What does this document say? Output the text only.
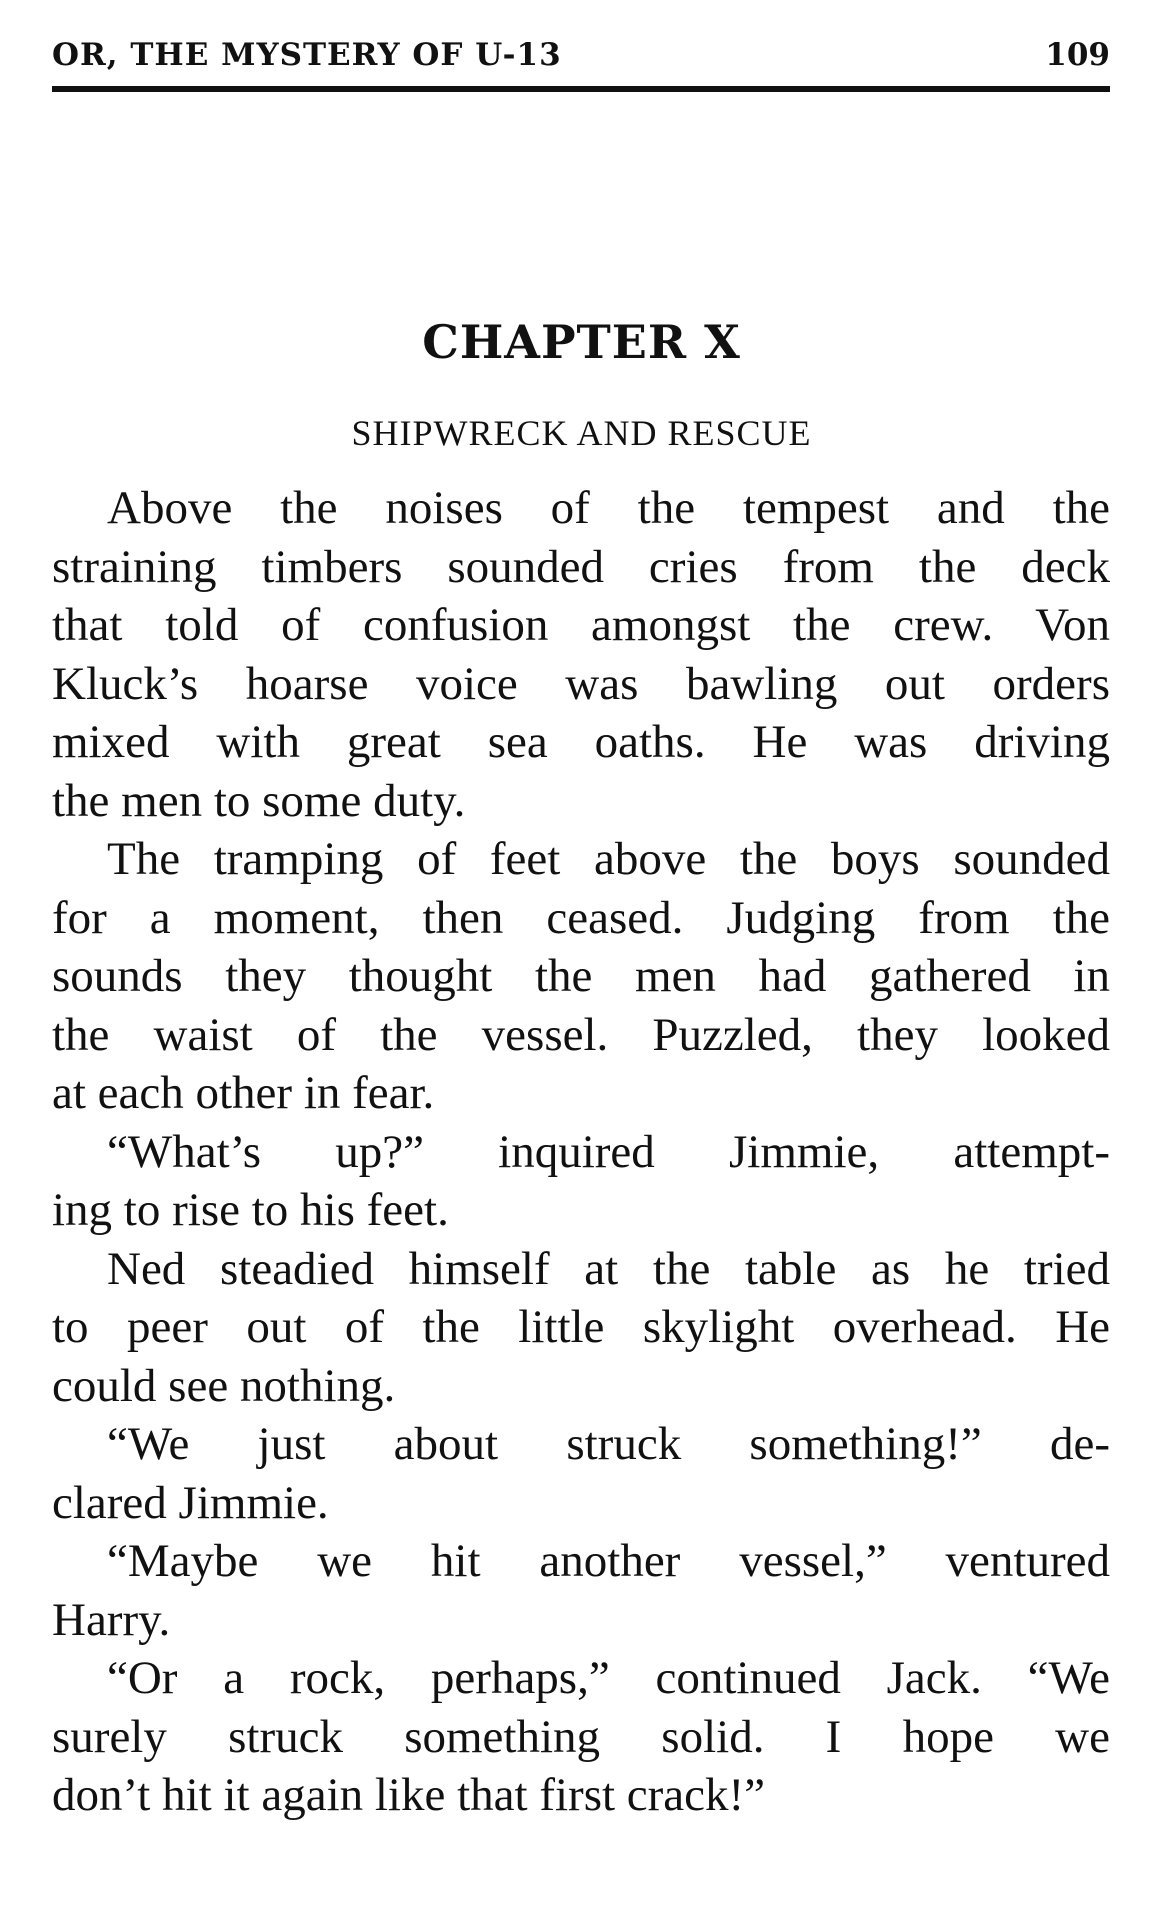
OR, THE MYSTERY OF U-13	109
CHAPTER X
SHIPWRECK AND RESCUE
Above the noises of the tempest and the
straining timbers sounded cries from the deck
that told of confusion amongst the crew. Von
Kluck’s hoarse voice was bawling out orders
mixed with great sea oaths. He was driving
the men to some duty.
The tramping of feet above the boys sounded
for a moment, then ceased. Judging from the
sounds they thought the men had gathered in
the waist of the vessel. Puzzled, they looked
at each other in fear.
“What’s up?” inquired Jimmie, attempt-
ing to rise to his feet.
Ned steadied himself at the table as he tried
to peer out of the little skylight overhead. He
could see nothing.
“We just about struck something!” de-
clared Jimmie.
“Maybe we hit another vessel,” ventured
Harry.
“Or a rock, perhaps,” continued Jack. “We
surely struck something solid. I hope we
don’t hit it again like that first crack!”
